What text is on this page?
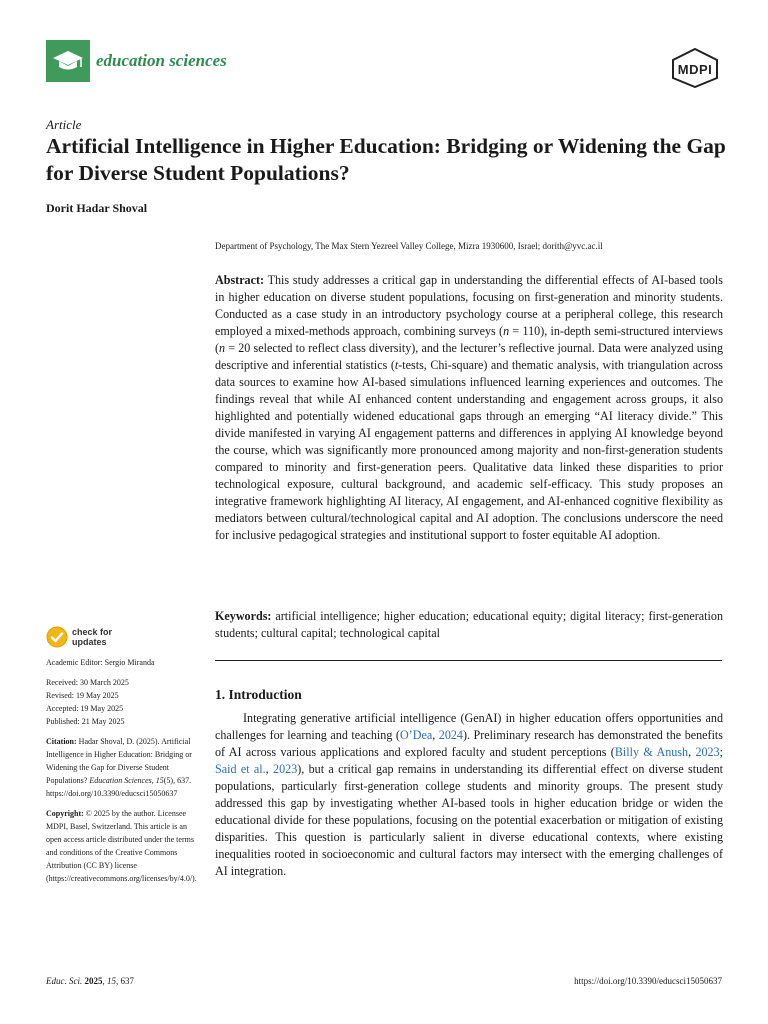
education sciences	MDPI
Article
Artificial Intelligence in Higher Education: Bridging or Widening the Gap for Diverse Student Populations?
Dorit Hadar Shoval
Department of Psychology, The Max Stern Yezreel Valley College, Mizra 1930600, Israel; dorith@yvc.ac.il

Abstract: This study addresses a critical gap in understanding the differential effects of AI-based tools in higher education on diverse student populations, focusing on first-generation and minority students. Conducted as a case study in an introductory psychology course at a peripheral college, this research employed a mixed-methods approach, combining surveys (n = 110), in-depth semi-structured interviews (n = 20 selected to reflect class diversity), and the lecturer’s reflective journal. Data were analyzed using descriptive and inferential statistics (t-tests, Chi-square) and thematic analysis, with triangulation across data sources to examine how AI-based simulations influenced learning experiences and outcomes. The findings reveal that while AI enhanced content understanding and engagement across groups, it also highlighted and potentially widened educational gaps through an emerging “AI literacy divide.” This divide manifested in varying AI engagement patterns and differences in applying AI knowledge beyond the course, which was significantly more pronounced among majority and non-first-generation students compared to minority and first-generation peers. Qualitative data linked these disparities to prior technological exposure, cultural background, and academic self-efficacy. This study proposes an integrative framework highlighting AI literacy, AI engagement, and AI-enhanced cognitive flexibility as mediators between cultural/technological capital and AI adoption. The conclusions underscore the need for inclusive pedagogical strategies and institutional support to foster equitable AI adoption.

Keywords: artificial intelligence; higher education; educational equity; digital literacy; first-generation students; cultural capital; technological capital

1. Introduction

Integrating generative artificial intelligence (GenAI) in higher education offers opportunities and challenges for learning and teaching (O’Dea, 2024). Preliminary research has demonstrated the benefits of AI across various applications and explored faculty and student perceptions (Billy & Anush, 2023; Said et al., 2023), but a critical gap remains in understanding its differential effect on diverse student populations, particularly first-generation college students and minority groups. The present study addressed this gap by investigating whether AI-based tools in higher education bridge or widen the educational divide for these populations, focusing on the potential exacerbation or mitigation of existing disparities. This question is particularly salient in diverse educational contexts, where existing inequalities rooted in socioeconomic and cultural factors may intersect with the emerging challenges of AI integration.

check for
updates

Academic Editor: Sergio Miranda

Received: 30 March 2025

Revised: 19 May 2025

Accepted: 19 May 2025

Published: 21 May 2025

Citation: Hadar Shoval, D. (2025). Artificial Intelligence in Higher Education: Bridging or Widening the Gap for Diverse Student Populations? Education Sciences, 15(5), 637. https://doi.org/10.3390/educsci15050637

Copyright: © 2025 by the author. Licensee MDPI, Basel, Switzerland. This article is an open access article distributed under the terms and conditions of the Creative Commons Attribution (CC BY) license (https://creativecommons.org/licenses/by/4.0/).

Educ. Sci. 2025, 15, 637	https://doi.org/10.3390/educsci15050637
